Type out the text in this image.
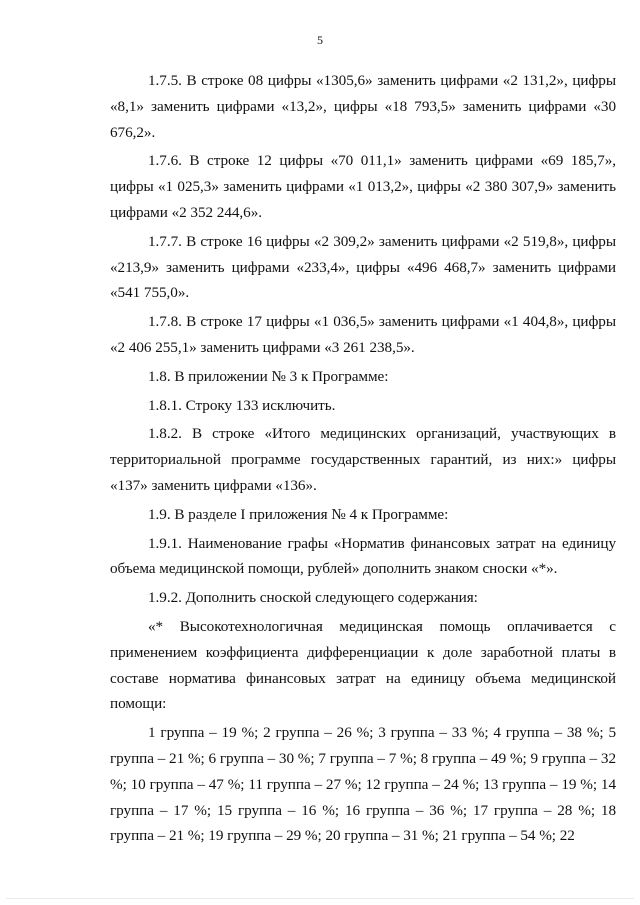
5

1.7.5. В строке 08 цифры «1305,6» заменить цифрами «2 131,2», цифры «8,1» заменить цифрами «13,2», цифры «18 793,5» заменить цифрами «30 676,2».

1.7.6. В строке 12 цифры «70 011,1» заменить цифрами «69 185,7», цифры «1 025,3» заменить цифрами «1 013,2», цифры «2 380 307,9» заменить цифрами «2 352 244,6».

1.7.7. В строке 16 цифры «2 309,2» заменить цифрами «2 519,8», цифры «213,9» заменить цифрами «233,4», цифры «496 468,7» заменить цифрами «541 755,0».

1.7.8. В строке 17 цифры «1 036,5» заменить цифрами «1 404,8», цифры «2 406 255,1» заменить цифрами «3 261 238,5».

1.8. В приложении № 3 к Программе:

1.8.1. Строку 133 исключить.

1.8.2. В строке «Итого медицинских организаций, участвующих в территориальной программе государственных гарантий, из них:» цифры «137» заменить цифрами «136».

1.9. В разделе I приложения № 4 к Программе:

1.9.1. Наименование графы «Норматив финансовых затрат на единицу объема медицинской помощи, рублей» дополнить знаком сноски «*».

1.9.2. Дополнить сноской следующего содержания:

«* Высокотехнологичная медицинская помощь оплачивается с применением коэффициента дифференциации к доле заработной платы в составе норматива финансовых затрат на единицу объема медицинской помощи:

1 группа – 19 %; 2 группа – 26 %; 3 группа – 33 %; 4 группа – 38 %; 5 группа – 21 %; 6 группа – 30 %; 7 группа – 7 %; 8 группа – 49 %; 9 группа – 32 %; 10 группа – 47 %; 11 группа – 27 %; 12 группа – 24 %; 13 группа – 19 %; 14 группа – 17 %; 15 группа – 16 %; 16 группа – 36 %; 17 группа – 28 %; 18 группа – 21 %; 19 группа – 29 %; 20 группа – 31 %; 21 группа – 54 %; 22
